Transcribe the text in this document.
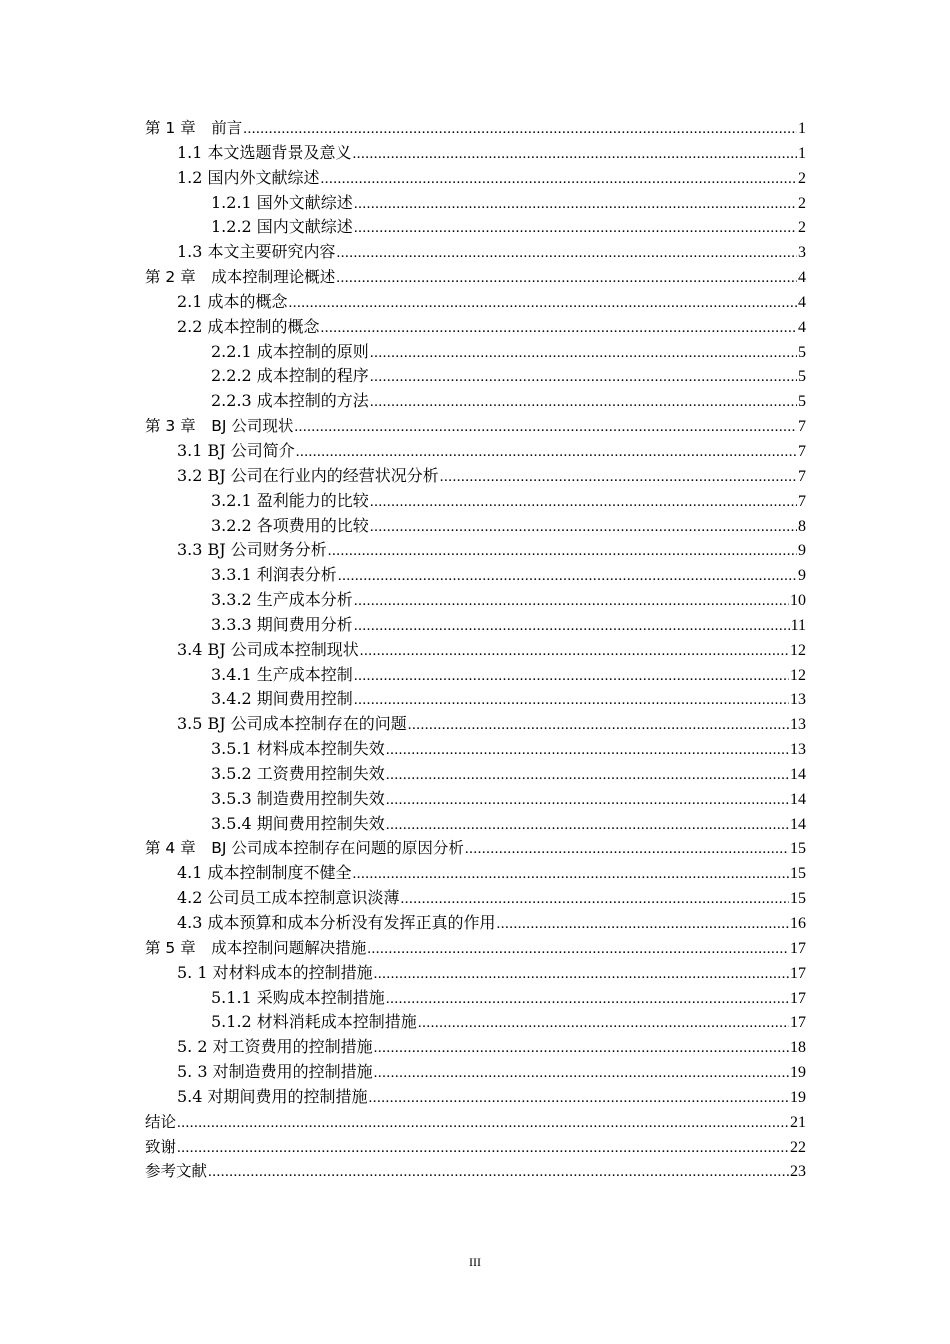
第 1 章　前言 .....	1
1.1 本文选题背景及意义 .....	1
1.2 国内外文献综述 .....	2
1.2.1 国外文献综述 .....	2
1.2.2 国内文献综述 .....	2
1.3 本文主要研究内容 .....	3
第 2 章　成本控制理论概述 .....	4
2.1 成本的概念 .....	4
2.2 成本控制的概念 .....	4
2.2.1 成本控制的原则 .....	5
2.2.2 成本控制的程序 .....	5
2.2.3 成本控制的方法 .....	5
第 3 章　BJ 公司现状 .....	7
3.1 BJ 公司简介 .....	7
3.2 BJ 公司在行业内的经营状况分析 .....	7
3.2.1 盈利能力的比较 .....	7
3.2.2 各项费用的比较 .....	8
3.3 BJ 公司财务分析 .....	9
3.3.1 利润表分析 .....	9
3.3.2 生产成本分析 .....	10
3.3.3 期间费用分析 .....	11
3.4 BJ 公司成本控制现状 .....	12
3.4.1 生产成本控制 .....	12
3.4.2 期间费用控制 .....	13
3.5 BJ 公司成本控制存在的问题 .....	13
3.5.1 材料成本控制失效 .....	13
3.5.2 工资费用控制失效 .....	14
3.5.3 制造费用控制失效 .....	14
3.5.4 期间费用控制失效 .....	14
第 4 章　BJ 公司成本控制存在问题的原因分析 .....	15
4.1 成本控制制度不健全 .....	15
4.2 公司员工成本控制意识淡薄 .....	15
4.3 成本预算和成本分析没有发挥正真的作用 .....	16
第 5 章　成本控制问题解决措施 .....	17
5. 1 对材料成本的控制措施 .....	17
5.1.1 采购成本控制措施 .....	17
5.1.2 材料消耗成本控制措施 .....	17
5. 2 对工资费用的控制措施 .....	18
5. 3 对制造费用的控制措施 .....	19
5.4 对期间费用的控制措施 .....	19
结论 .....	21
致谢 .....	22
参考文献 .....	23
III
